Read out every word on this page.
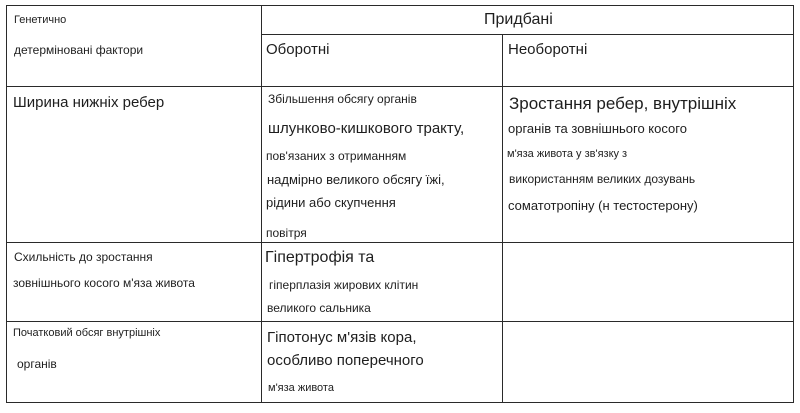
Генетично
детерміновані фактори
Придбані
Оборотні	Необоротні
Ширина нижніх ребер	Збільшення обсягу органів
шлунково-кишкового тракту,
пов'язаних з отриманням
надмірно великого обсягу їжі,
рідини або скупчення
повітря
Зростання ребер, внутрішніх
органів та зовнішнього косого
м'яза живота у зв'язку з
використанням великих дозувань
соматотропіну (н тестостерону)
Схильність до зростання
зовнішнього косого м'яза живота
Гіпертрофія та
гіперплазія жирових клітин
великого сальника
Початковий обсяг внутрішніх
органів
Гіпотонус м'язів кора,
особливо поперечного
м'яза живота
